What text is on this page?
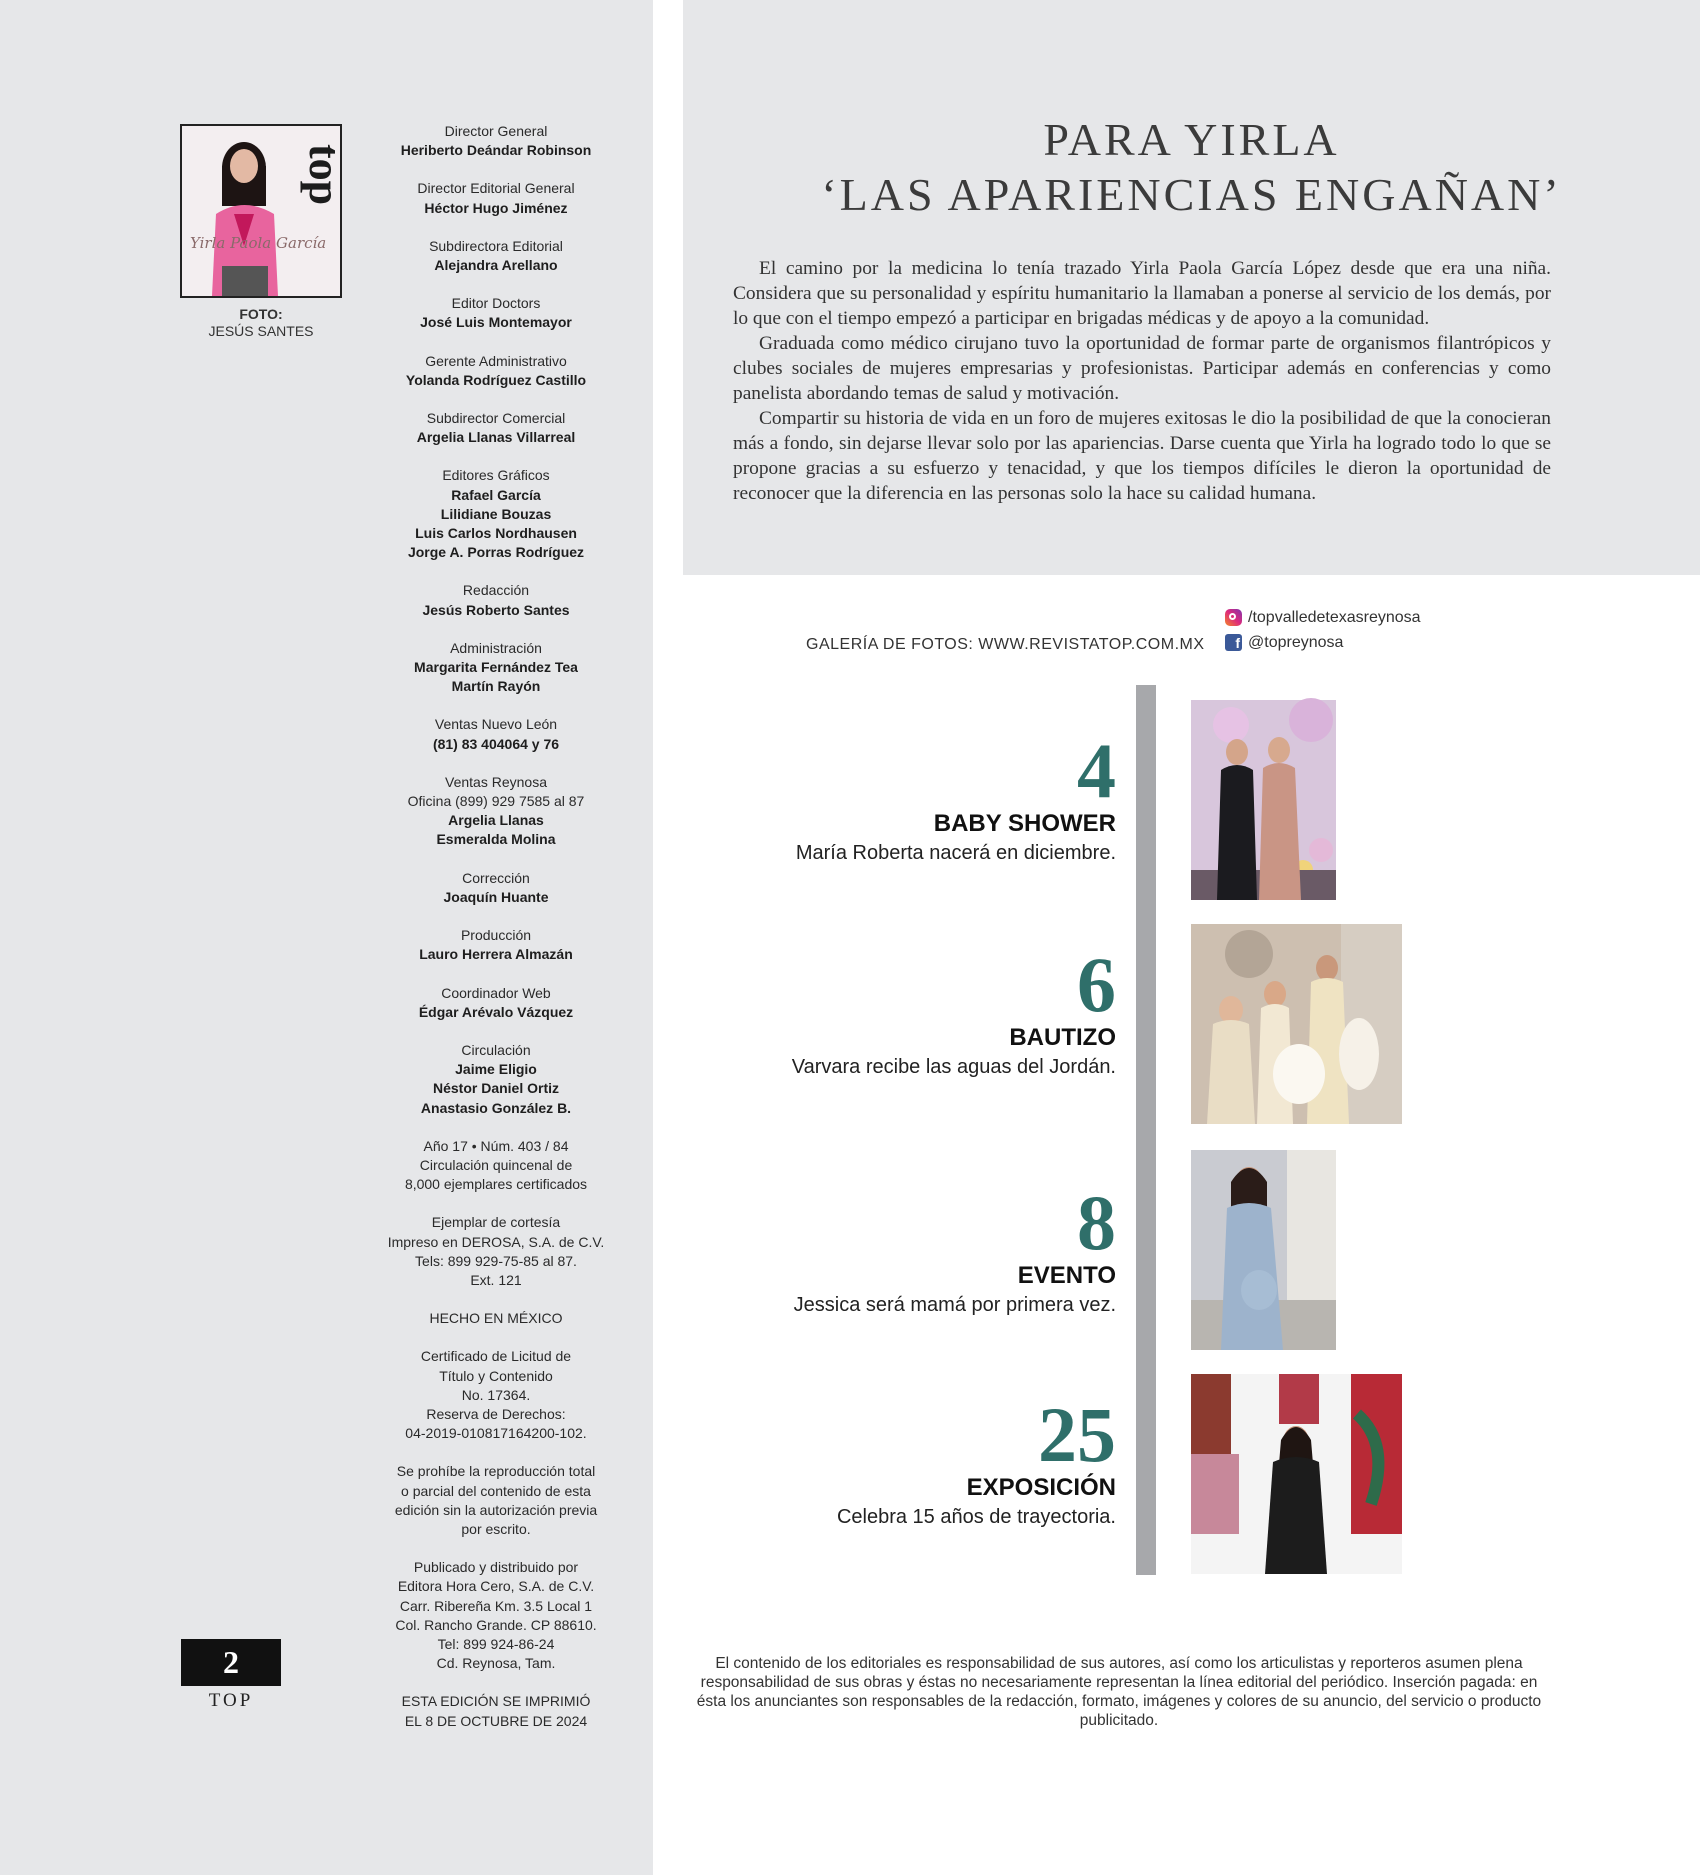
top
Yirla Paola García
FOTO:
JESÚS SANTES
Director General
Heriberto Deándar Robinson
Director Editorial General
Héctor Hugo Jiménez
Subdirectora Editorial
Alejandra Arellano
Editor Doctors
José Luis Montemayor
Gerente Administrativo
Yolanda Rodríguez Castillo
Subdirector Comercial
Argelia Llanas Villarreal
Editores Gráficos
Rafael García
Lilidiane Bouzas
Luis Carlos Nordhausen
Jorge A. Porras Rodríguez
Redacción
Jesús Roberto Santes
Administración
Margarita Fernández Tea
Martín Rayón
Ventas Nuevo León
(81) 83 404064 y 76
Ventas Reynosa
Oficina (899) 929 7585 al 87
Argelia Llanas
Esmeralda Molina
Corrección
Joaquín Huante
Producción
Lauro Herrera Almazán
Coordinador Web
Édgar Arévalo Vázquez
Circulación
Jaime Eligio
Néstor Daniel Ortiz
Anastasio González B.
Año 17 • Núm. 403 / 84
Circulación quincenal de
8,000 ejemplares certificados
Ejemplar de cortesía
Impreso en DEROSA, S.A. de C.V.
Tels: 899 929-75-85 al 87.
Ext. 121
HECHO EN MÉXICO
Certificado de Licitud de
Título y Contenido
No. 17364.
Reserva de Derechos:
04-2019-010817164200-102.
Se prohíbe la reproducción total
o parcial del contenido de esta
edición sin la autorización previa
por escrito.
Publicado y distribuido por
Editora Hora Cero, S.A. de C.V.
Carr. Ribereña Km. 3.5 Local 1
Col. Rancho Grande. CP 88610.
Tel: 899 924-86-24
Cd. Reynosa, Tam.
ESTA EDICIÓN SE IMPRIMIÓ
EL 8 DE OCTUBRE DE 2024
2
TOP
PARA YIRLA
‘LAS APARIENCIAS ENGAÑAN’

El camino por la medicina lo tenía trazado Yirla Paola García López desde que era una niña. Considera que su personalidad y espíritu humanitario la llamaban a ponerse al servicio de los demás, por lo que con el tiempo empezó a participar en brigadas médicas y de apoyo a la comunidad.

Graduada como médico cirujano tuvo la oportunidad de formar parte de organismos filantrópicos y clubes sociales de mujeres empresarias y profesionistas. Participar además en conferencias y como panelista abordando temas de salud y motivación.

Compartir su historia de vida en un foro de mujeres exitosas le dio la posibilidad de que la conocieran más a fondo, sin dejarse llevar solo por las apariencias. Darse cuenta que Yirla ha logrado todo lo que se propone gracias a su esfuerzo y tenacidad, y que los tiempos difíciles le dieron la oportunidad de reconocer que la diferencia en las personas solo la hace su calidad humana.

GALERÍA DE FOTOS: WWW.REVISTATOP.COM.MX
/topvalledetexasreynosa
f @topreynosa
4
BABY SHOWER
María Roberta nacerá en diciembre.
6
BAUTIZO
Varvara recibe las aguas del Jordán.
8
EVENTO
Jessica será mamá por primera vez.
25
EXPOSICIÓN
Celebra 15 años de trayectoria.
El contenido de los editoriales es responsabilidad de sus autores, así como los articulistas y reporteros asumen plena responsabilidad de sus obras y éstas no necesariamente representan la línea editorial del periódico. Inserción pagada: en ésta los anunciantes son responsables de la redacción, formato, imágenes y colores de su anuncio, del servicio o producto publicitado.
